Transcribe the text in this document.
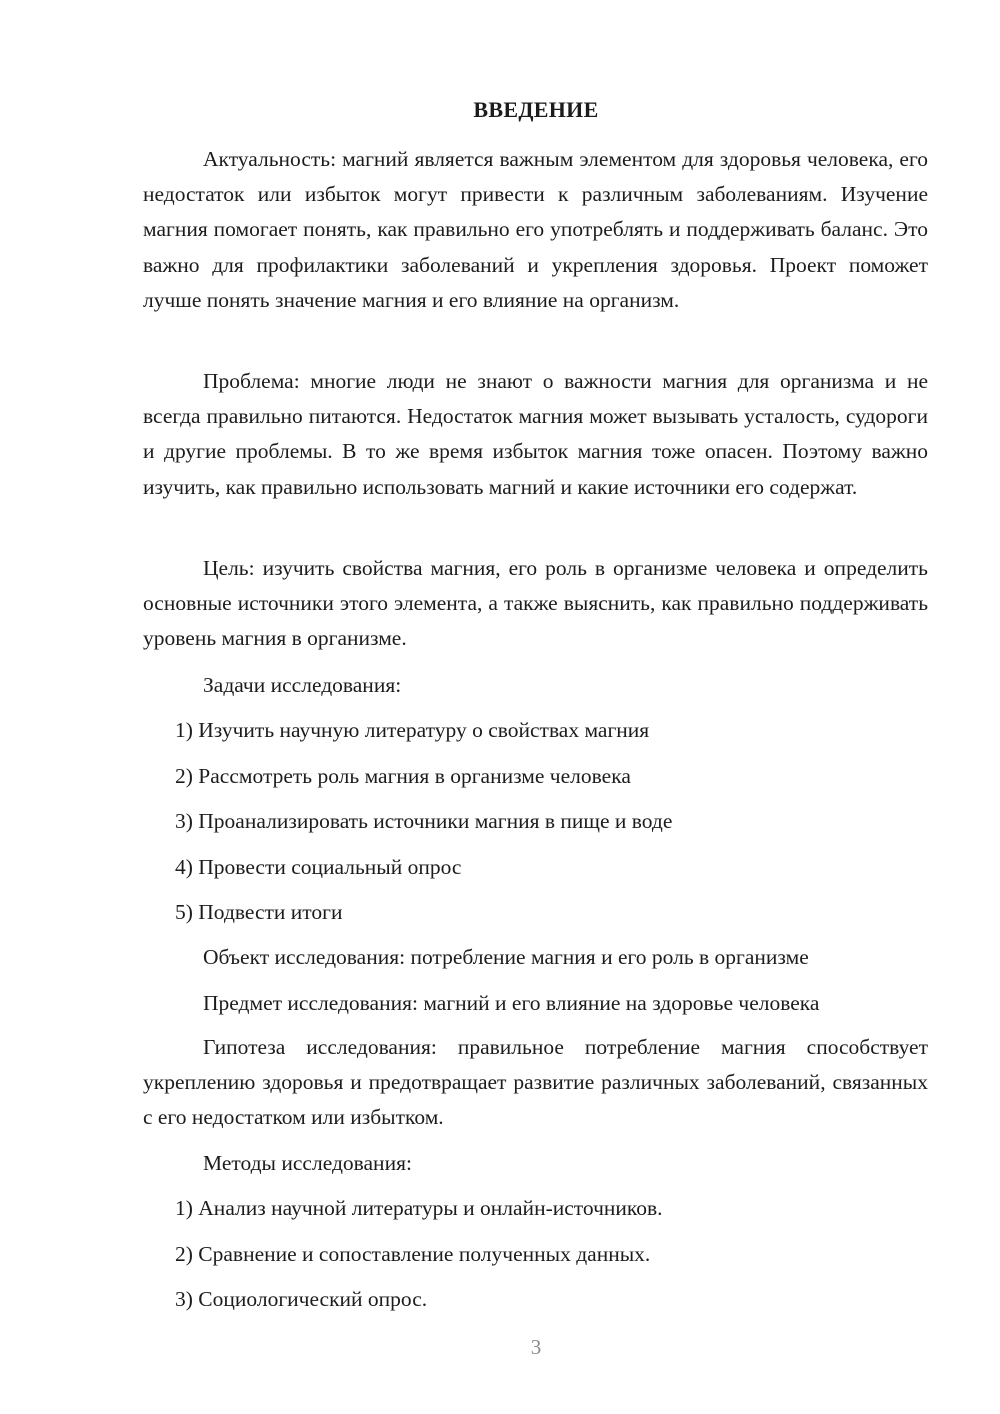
ВВЕДЕНИЕ
Актуальность: магний является важным элементом для здоровья человека, его недостаток или избыток могут привести к различным заболеваниям. Изучение магния помогает понять, как правильно его употреблять и поддерживать баланс. Это важно для профилактики заболеваний и укрепления здоровья. Проект поможет лучше понять значение магния и его влияние на организм.
Проблема: многие люди не знают о важности магния для организма и не всегда правильно питаются. Недостаток магния может вызывать усталость, судороги и другие проблемы. В то же время избыток магния тоже опасен. Поэтому важно изучить, как правильно использовать магний и какие источники его содержат.
Цель: изучить свойства магния, его роль в организме человека и определить основные источники этого элемента, а также выяснить, как правильно поддерживать уровень магния в организме.
Задачи исследования:
1) Изучить научную литературу о свойствах магния
2) Рассмотреть роль магния в организме человека
3) Проанализировать источники магния в пище и воде
4) Провести социальный опрос
5) Подвести итоги
Объект исследования: потребление магния и его роль в организме
Предмет исследования: магний и его влияние на здоровье человека
Гипотеза исследования: правильное потребление магния способствует укреплению здоровья и предотвращает развитие различных заболеваний, связанных с его недостатком или избытком.
Методы исследования:
1) Анализ научной литературы и онлайн-источников.
2) Сравнение и сопоставление полученных данных.
3) Социологический опрос.
3
